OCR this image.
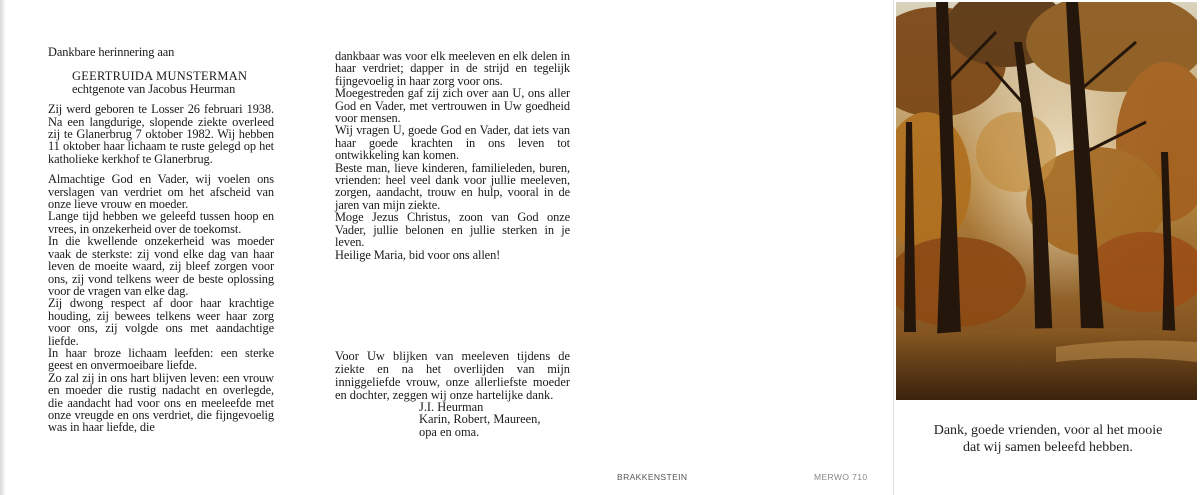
Dankbare herinnering aan

GEERTRUIDA MUNSTERMAN

echtgenote van Jacobus Heurman

Zij werd geboren te Losser 26 februari 1938. Na een langdurige, slopende ziekte overleed zij te Glanerbrug 7 oktober 1982. Wij hebben 11 oktober haar lichaam te ruste gelegd op het katholieke kerkhof te Glanerbrug.

Almachtige God en Vader, wij voelen ons verslagen van verdriet om het afscheid van onze lieve vrouw en moeder.

Lange tijd hebben we geleefd tussen hoop en vrees, in onzekerheid over de toekomst.

In die kwellende onzekerheid was moeder vaak de sterkste: zij vond elke dag van haar leven de moeite waard, zij bleef zorgen voor ons, zij vond telkens weer de beste oplossing voor de vragen van elke dag.

Zij dwong respect af door haar krachtige houding, zij bewees telkens weer haar zorg voor ons, zij volgde ons met aandachtige liefde.

In haar broze lichaam leefden: een sterke geest en onvermoeibare liefde.

Zo zal zij in ons hart blijven leven: een vrouw en moeder die rustig nadacht en overlegde, die aandacht had voor ons en meeleefde met onze vreugde en ons verdriet, die fijngevoelig was in haar liefde, die

dankbaar was voor elk meeleven en elk delen in haar verdriet; dapper in de strijd en tegelijk fijngevoelig in haar zorg voor ons.

Moegestreden gaf zij zich over aan U, ons aller God en Vader, met vertrouwen in Uw goedheid voor mensen.

Wij vragen U, goede God en Vader, dat iets van haar goede krachten in ons leven tot ontwikkeling kan komen.

Beste man, lieve kinderen, familieleden, buren, vrienden: heel veel dank voor jullie meeleven, zorgen, aandacht, trouw en hulp, vooral in de jaren van mijn ziekte.

Moge Jezus Christus, zoon van God onze Vader, jullie belonen en jullie sterken in je leven.

Heilige Maria, bid voor ons allen!

Voor Uw blijken van meeleven tijdens de ziekte en na het overlijden van mijn inniggeliefde vrouw, onze allerliefste moeder en dochter, zeggen wij onze hartelijke dank.

J.I. Heurman

Karin, Robert, Maureen,

opa en oma.

BRAKKENSTEIN	MERWO 710

Dank, goede vrienden, voor al het mooie

dat wij samen beleefd hebben.
